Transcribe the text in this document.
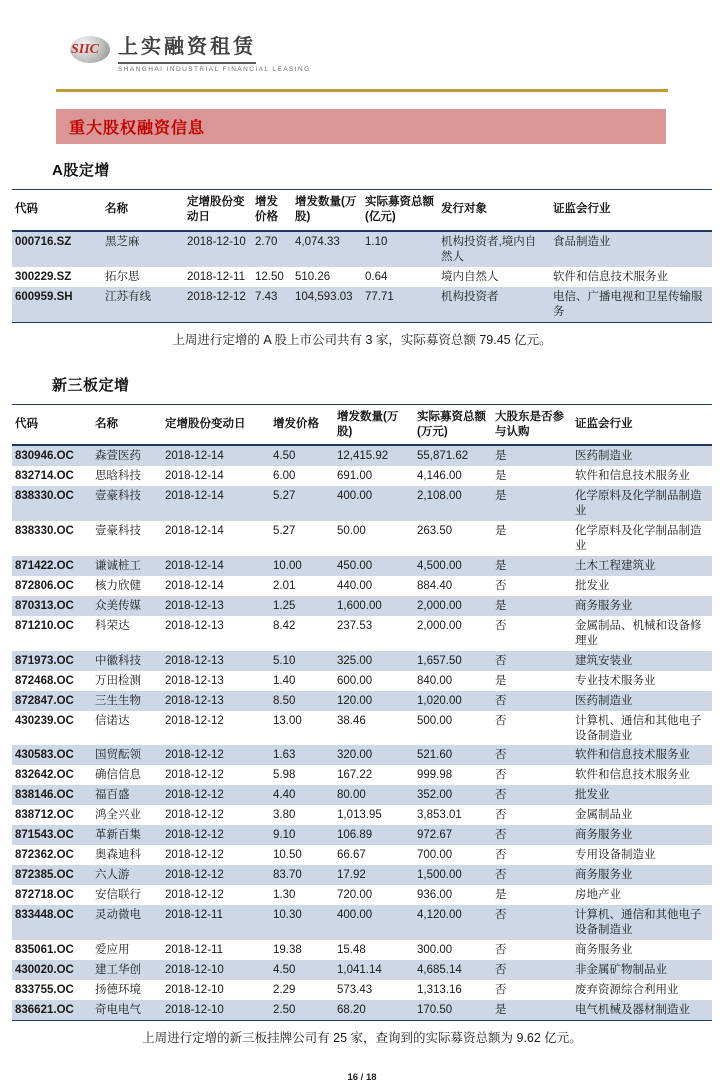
SIIC 上实融资租赁
SHANGHAI INDUSTRIAL FINANCIAL LEASING
重大股权融资信息
A股定增
代码	名称	定增股份变动日	增发价格	增发数量(万股)	实际募资总额(亿元)	发行对象	证监会行业
000716.SZ	黑芝麻	2018-12-10	2.70	4,074.33	1.10	机构投资者,境内自然人	食品制造业
300229.SZ	拓尔思	2018-12-11	12.50	510.26	0.64	境内自然人	软件和信息技术服务业
600959.SH	江苏有线	2018-12-12	7.43	104,593.03	77.71	机构投资者	电信、广播电视和卫星传输服务

上周进行定增的 A 股上市公司共有 3 家，实际募资总额 79.45 亿元。

新三板定增
代码	名称	定增股份变动日	增发价格	增发数量(万股)	实际募资总额(万元)	大股东是否参与认购	证监会行业
830946.OC	森萱医药	2018-12-14	4.50	12,415.92	55,871.62	是	医药制造业
832714.OC	思晗科技	2018-12-14	6.00	691.00	4,146.00	是	软件和信息技术服务业
838330.OC	壹豪科技	2018-12-14	5.27	400.00	2,108.00	是	化学原料及化学制品制造业
838330.OC	壹豪科技	2018-12-14	5.27	50.00	263.50	是	化学原料及化学制品制造业
871422.OC	谦诚桩工	2018-12-14	10.00	450.00	4,500.00	是	土木工程建筑业
872806.OC	核力欣健	2018-12-14	2.01	440.00	884.40	否	批发业
870313.OC	众美传媒	2018-12-13	1.25	1,600.00	2,000.00	是	商务服务业
871210.OC	科荣达	2018-12-13	8.42	237.53	2,000.00	否	金属制品、机械和设备修理业
871973.OC	中徽科技	2018-12-13	5.10	325.00	1,657.50	否	建筑安装业
872468.OC	万田检测	2018-12-13	1.40	600.00	840.00	是	专业技术服务业
872847.OC	三生生物	2018-12-13	8.50	120.00	1,020.00	否	医药制造业
430239.OC	信诺达	2018-12-12	13.00	38.46	500.00	否	计算机、通信和其他电子设备制造业
430583.OC	国贸酝领	2018-12-12	1.63	320.00	521.60	否	软件和信息技术服务业
832642.OC	确信信息	2018-12-12	5.98	167.22	999.98	否	软件和信息技术服务业
838146.OC	福百盛	2018-12-12	4.40	80.00	352.00	否	批发业
838712.OC	鸿全兴业	2018-12-12	3.80	1,013.95	3,853.01	否	金属制品业
871543.OC	革新百集	2018-12-12	9.10	106.89	972.67	否	商务服务业
872362.OC	奥森迪科	2018-12-12	10.50	66.67	700.00	否	专用设备制造业
872385.OC	六人游	2018-12-12	83.70	17.92	1,500.00	否	商务服务业
872718.OC	安信联行	2018-12-12	1.30	720.00	936.00	是	房地产业
833448.OC	灵动微电	2018-12-11	10.30	400.00	4,120.00	否	计算机、通信和其他电子设备制造业
835061.OC	爱应用	2018-12-11	19.38	15.48	300.00	否	商务服务业
430020.OC	建工华创	2018-12-10	4.50	1,041.14	4,685.14	否	非金属矿物制品业
833755.OC	扬德环境	2018-12-10	2.29	573.43	1,313.16	否	废弃资源综合利用业
836621.OC	奇电电气	2018-12-10	2.50	68.20	170.50	是	电气机械及器材制造业

上周进行定增的新三板挂牌公司有 25 家，查询到的实际募资总额为 9.62 亿元。

16 / 18
